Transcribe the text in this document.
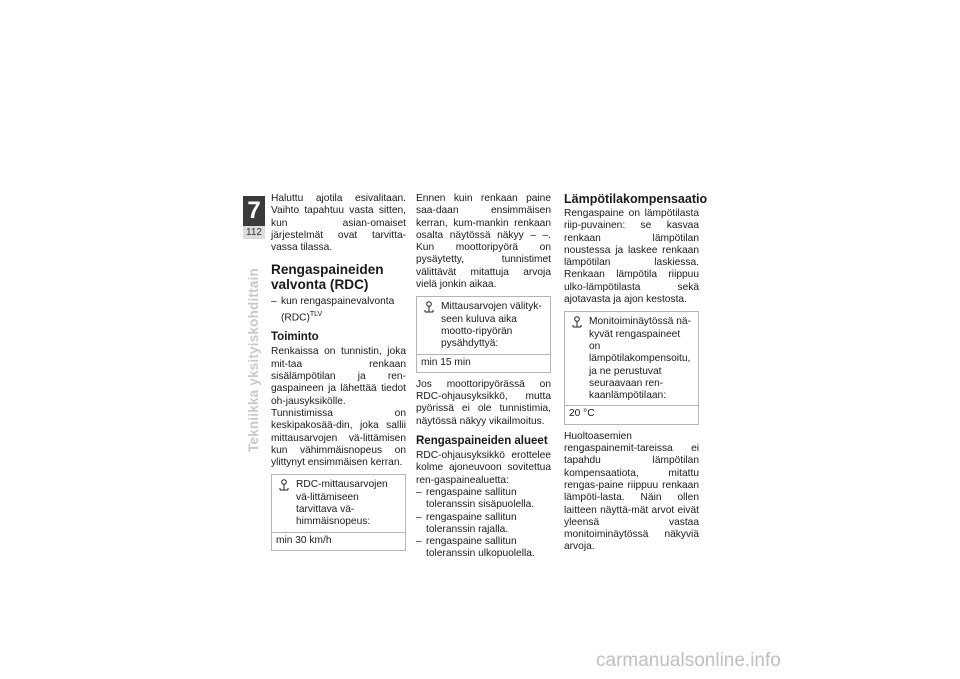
7
112
Tekniikka yksityiskohdittain

Haluttu ajotila esivalitaan. Vaihto tapahtuu vasta sitten, kun asian-omaiset järjestelmät ovat tarvitta-vassa tilassa.

Rengaspaineiden valvonta (RDC)
– kun rengaspainevalvonta (RDC)$^{TLV}$
Toiminto

Renkaissa on tunnistin, joka mit-taa renkaan sisälämpötilan ja ren-gaspaineen ja lähettää tiedot oh-jausyksikölle.

Tunnistimissa on keskipakosää-din, joka sallii mittausarvojen vä-littämisen kun vähimmäisnopeus on ylittynyt ensimmäisen kerran.

RDC-mittausarvojen vä-littämiseen tarvittava vä-himmäisnopeus:
min 30 km/h

Ennen kuin renkaan paine saa-daan ensimmäisen kerran, kum-mankin renkaan osalta näytössä näkyy – –. Kun moottoripyörä on pysäytetty, tunnistimet välittävät mitattuja arvoja vielä jonkin aikaa.

Mittausarvojen välityk-seen kuluva aika mootto-ripyörän pysähdyttyä:
min 15 min

Jos moottoripyörässä on RDC-ohjausyksikkö, mutta pyörissä ei ole tunnistimia, näytössä näkyy vikailmoitus.

Rengaspaineiden alueet

RDC-ohjausyksikkö erottelee kolme ajoneuvoon sovitettua ren-gaspainealuetta:

– rengaspaine sallitun toleranssin sisäpuolella.
– rengaspaine sallitun toleranssin rajalla.
– rengaspaine sallitun toleranssin ulkopuolella.
Lämpötilakompensaatio

Rengaspaine on lämpötilasta riip-puvainen: se kasvaa renkaan lämpötilan noustessa ja laskee renkaan lämpötilan laskiessa. Renkaan lämpötila riippuu ulko-lämpötilasta sekä ajotavasta ja ajon kestosta.

Monitoiminäytössä nä-kyvät rengaspaineet on lämpötilakompensoitu, ja ne perustuvat seuraavaan ren-kaanlämpötilaan:
20 °C

Huoltoasemien rengaspainemit-tareissa ei tapahdu lämpötilan kompensaatiota, mitattu rengas-paine riippuu renkaan lämpöti-lasta. Näin ollen laitteen näyttä-mät arvot eivät yleensä vastaa monitoiminäytössä näkyviä arvoja.

carmanualsonline.info
